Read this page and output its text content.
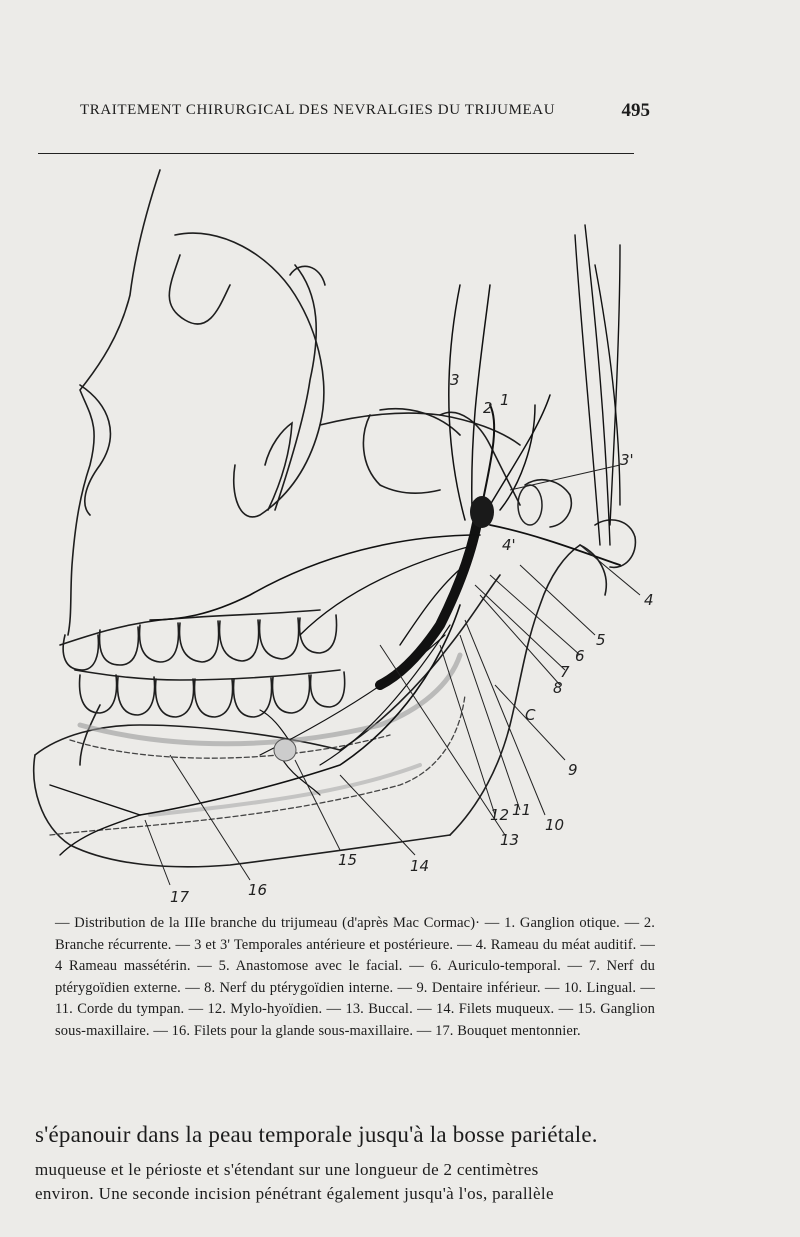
TRAITEMENT CHIRURGICAL DES NEVRALGIES DU TRIJUMEAU	495
3
2 1
3'
4'
4
5
6
7
8
C
9
10
11
12
13
14
15
16
17
— Distribution de la IIIe branche du trijumeau (d'après Mac Cormac)· — 1. Ganglion otique. — 2. Branche récurrente. — 3 et 3' Temporales antérieure et postérieure. — 4. Rameau du méat auditif. — 4 Rameau massétérin. — 5. Anastomose avec le facial. — 6. Auriculo-temporal. — 7. Nerf du ptérygoïdien externe. — 8. Nerf du ptérygoïdien interne. — 9. Dentaire inférieur. — 10. Lingual. — 11. Corde du tympan. — 12. Mylo-hyoïdien. — 13. Buccal. — 14. Filets muqueux. — 15. Ganglion sous-maxillaire. — 16. Filets pour la glande sous-maxillaire. — 17. Bouquet mentonnier.
s'épanouir dans la peau temporale jusqu'à la bosse pariétale.
muqueuse et le périoste et s'étendant sur une longueur de 2 centimètres
environ. Une seconde incision pénétrant également jusqu'à l'os, parallèle
